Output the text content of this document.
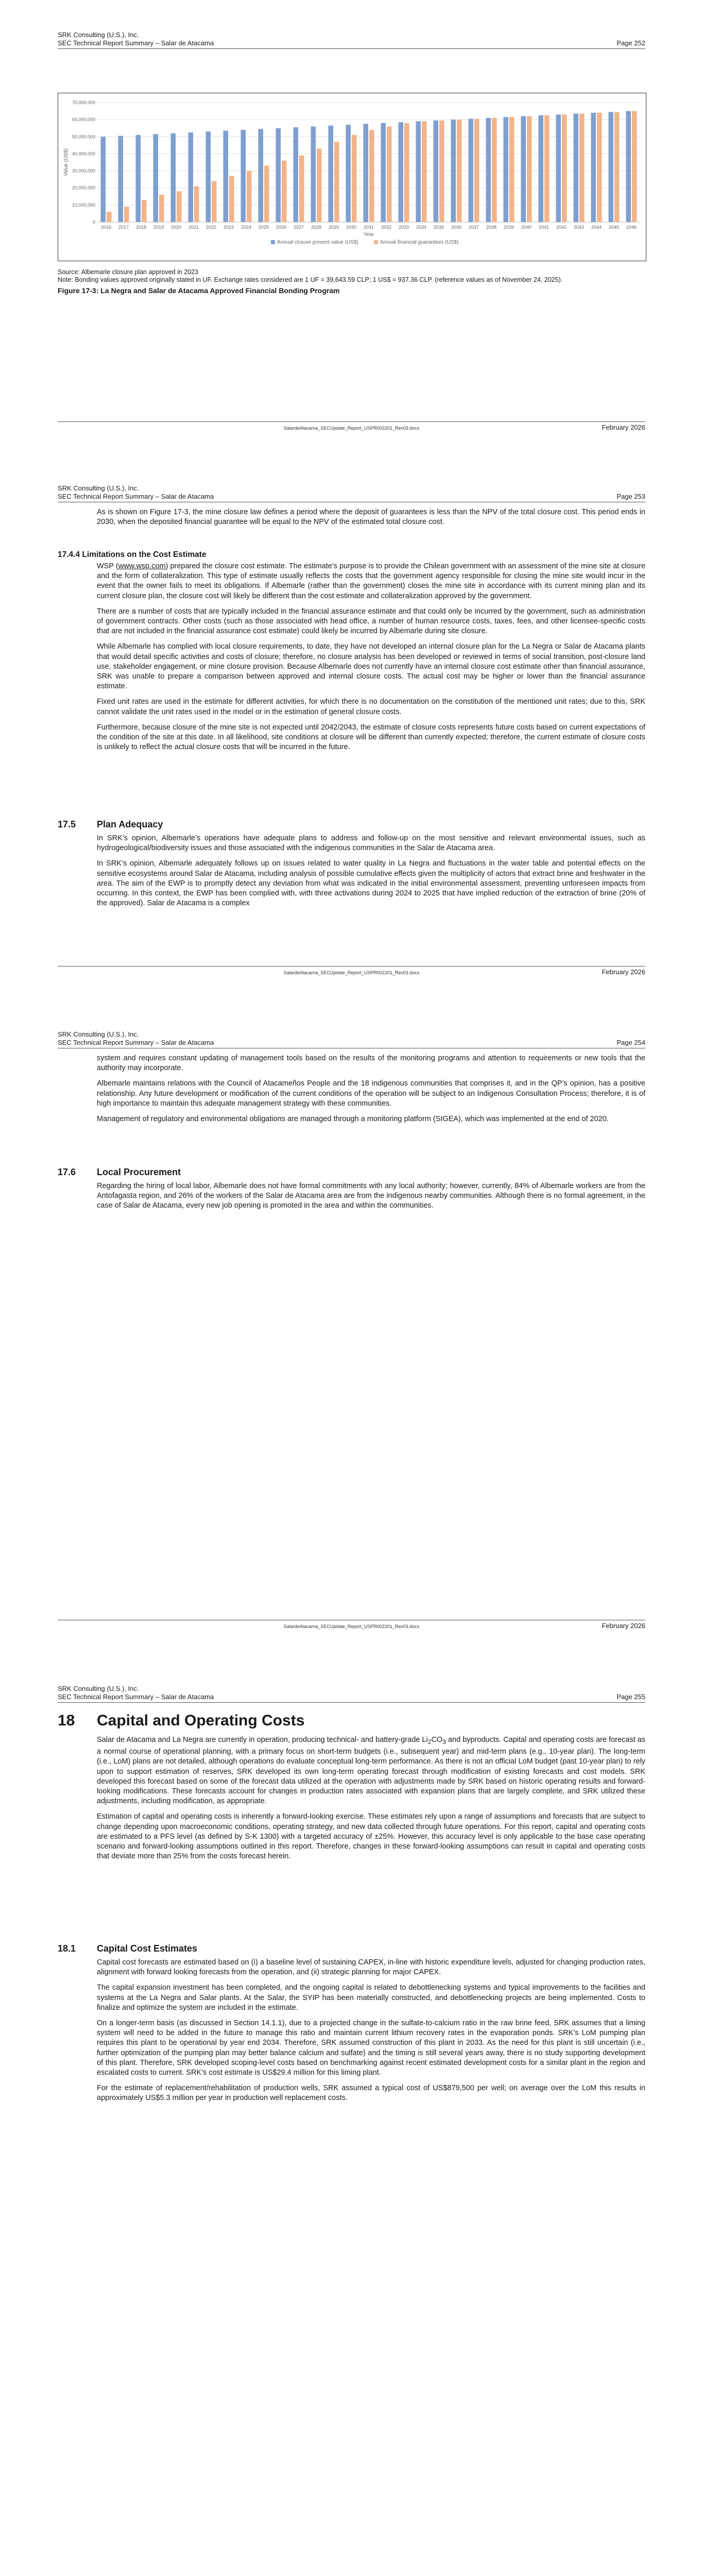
SRK Consulting (U.S.), Inc.
SEC Technical Report Summary – Salar de Atacama	Page 252
0
10,000,000
20,000,000
30,000,000
40,000,000
50,000,000
60,000,000
70,000,000
Value (US$)
2016 2017 2018 2019 2020 2021 2022 2023 2024 2025 2026 2027 2028 2029 2030 2031 2032 2033 2034 2035 2036 2037 2038 2039 2040 2041 2042 2043 2044 2045 2046
Year
Annual closure present value (US$)	Annual financial guarantees (US$)
Source: Albemarle closure plan approved in 2023
Note: Bonding values approved originally stated in UF. Exchange rates considered are 1 UF = 39,643.59 CLP; 1 US$ = 937.36 CLP. (reference values as of November 24, 2025).
Figure 17-3: La Negra and Salar de Atacama Approved Financial Bonding Program
SalardeAtacama_SECUpdate_Report_USPR002201_Rev03.docx	February 2026
SRK Consulting (U.S.), Inc.
SEC Technical Report Summary – Salar de Atacama	Page 253

As is shown on Figure 17-3, the mine closure law defines a period where the deposit of guarantees is less than the NPV of the total closure cost. This period ends in 2030, when the deposited financial guarantee will be equal to the NPV of the estimated total closure cost.

17.4.4 Limitations on the Cost Estimate

WSP (www.wsp.com) prepared the closure cost estimate. The estimate’s purpose is to provide the Chilean government with an assessment of the mine site at closure and the form of collateralization. This type of estimate usually reflects the costs that the government agency responsible for closing the mine site would incur in the event that the owner fails to meet its obligations. If Albemarle (rather than the government) closes the mine site in accordance with its current mining plan and its current closure plan, the closure cost will likely be different than the cost estimate and collateralization approved by the government.

There are a number of costs that are typically included in the financial assurance estimate and that could only be incurred by the government, such as administration of government contracts. Other costs (such as those associated with head office, a number of human resource costs, taxes, fees, and other licensee-specific costs that are not included in the financial assurance cost estimate) could likely be incurred by Albemarle during site closure.

While Albemarle has complied with local closure requirements, to date, they have not developed an internal closure plan for the La Negra or Salar de Atacama plants that would detail specific activities and costs of closure; therefore, no closure analysis has been developed or reviewed in terms of social transition, post-closure land use, stakeholder engagement, or mine closure provision. Because Albemarle does not currently have an internal closure cost estimate other than financial assurance, SRK was unable to prepare a comparison between approved and internal closure costs. The actual cost may be higher or lower than the financial assurance estimate.

Fixed unit rates are used in the estimate for different activities, for which there is no documentation on the constitution of the mentioned unit rates; due to this, SRK cannot validate the unit rates used in the model or in the estimation of general closure costs.

Furthermore, because closure of the mine site is not expected until 2042/2043, the estimate of closure costs represents future costs based on current expectations of the condition of the site at this date. In all likelihood, site conditions at closure will be different than currently expected; therefore, the current estimate of closure costs is unlikely to reflect the actual closure costs that will be incurred in the future.

17.5 Plan Adequacy

In SRK’s opinion, Albemarle’s operations have adequate plans to address and follow-up on the most sensitive and relevant environmental issues, such as hydrogeological/biodiversity issues and those associated with the indigenous communities in the Salar de Atacama area.

In SRK’s opinion, Albemarle adequately follows up on issues related to water quality in La Negra and fluctuations in the water table and potential effects on the sensitive ecosystems around Salar de Atacama, including analysis of possible cumulative effects given the multiplicity of actors that extract brine and freshwater in the area. The aim of the EWP is to promptly detect any deviation from what was indicated in the initial environmental assessment, preventing unforeseen impacts from occurring. In this context, the EWP has been complied with, with three activations during 2024 to 2025 that have implied reduction of the extraction of brine (20% of the approved). Salar de Atacama is a complex

SalardeAtacama_SECUpdate_Report_USPR002201_Rev03.docx	February 2026
SRK Consulting (U.S.), Inc.
SEC Technical Report Summary – Salar de Atacama	Page 254

system and requires constant updating of management tools based on the results of the monitoring programs and attention to requirements or new tools that the authority may incorporate.

Albemarle maintains relations with the Council of Atacameños People and the 18 indigenous communities that comprises it, and in the QP’s opinion, has a positive relationship. Any future development or modification of the current conditions of the operation will be subject to an Indigenous Consultation Process; therefore, it is of high importance to maintain this adequate management strategy with these communities.

Management of regulatory and environmental obligations are managed through a monitoring platform (SIGEA), which was implemented at the end of 2020.

17.6 Local Procurement

Regarding the hiring of local labor, Albemarle does not have formal commitments with any local authority; however, currently, 84% of Albemarle workers are from the Antofagasta region, and 26% of the workers of the Salar de Atacama area are from the indigenous nearby communities. Although there is no formal agreement, in the case of Salar de Atacama, every new job opening is promoted in the area and within the communities.

SalardeAtacama_SECUpdate_Report_USPR002201_Rev03.docx	February 2026
SRK Consulting (U.S.), Inc.
SEC Technical Report Summary – Salar de Atacama	Page 255
18 Capital and Operating Costs

Salar de Atacama and La Negra are currently in operation, producing technical- and battery-grade $Li_2CO_3$ and byproducts. Capital and operating costs are forecast as a normal course of operational planning, with a primary focus on short-term budgets (i.e., subsequent year) and mid-term plans (e.g., 10-year plan). The long-term (i.e., LoM) plans are not detailed, although operations do evaluate conceptual long-term performance. As there is not an official LoM budget (past 10-year plan) to rely upon to support estimation of reserves, SRK developed its own long-term operating forecast through modification of existing forecasts and cost models. SRK developed this forecast based on some of the forecast data utilized at the operation with adjustments made by SRK based on historic operating results and forward-looking modifications. These forecasts account for changes in production rates associated with expansion plans that are largely complete, and SRK utilized these adjustments, including modification, as appropriate.

Estimation of capital and operating costs is inherently a forward-looking exercise. These estimates rely upon a range of assumptions and forecasts that are subject to change depending upon macroeconomic conditions, operating strategy, and new data collected through future operations. For this report, capital and operating costs are estimated to a PFS level (as defined by S-K 1300) with a targeted accuracy of ±25%. However, this accuracy level is only applicable to the base case operating scenario and forward-looking assumptions outlined in this report. Therefore, changes in these forward-looking assumptions can result in capital and operating costs that deviate more than 25% from the costs forecast herein.

18.1 Capital Cost Estimates

Capital cost forecasts are estimated based on (i) a baseline level of sustaining CAPEX, in-line with historic expenditure levels, adjusted for changing production rates, alignment with forward looking forecasts from the operation, and (ii) strategic planning for major CAPEX.

The capital expansion investment has been completed, and the ongoing capital is related to debottlenecking systems and typical improvements to the facilities and systems at the La Negra and Salar plants. At the Salar, the SYIP has been materially constructed, and debottlenecking projects are being implemented. Costs to finalize and optimize the system are included in the estimate.

On a longer-term basis (as discussed in Section 14.1.1), due to a projected change in the sulfate-to-calcium ratio in the raw brine feed, SRK assumes that a liming system will need to be added in the future to manage this ratio and maintain current lithium recovery rates in the evaporation ponds. SRK’s LoM pumping plan requires this plant to be operational by year end 2034. Therefore, SRK assumed construction of this plant in 2033. As the need for this plant is still uncertain (i.e., further optimization of the pumping plan may better balance calcium and sulfate) and the timing is still several years away, there is no study supporting development of this plant. Therefore, SRK developed scoping-level costs based on benchmarking against recent estimated development costs for a similar plant in the region and escalated costs to current. SRK’s cost estimate is US$29.4 million for this liming plant.

For the estimate of replacement/rehabilitation of production wells, SRK assumed a typical cost of US$879,500 per well; on average over the LoM this results in approximately US$5.3 million per year in production well replacement costs.
